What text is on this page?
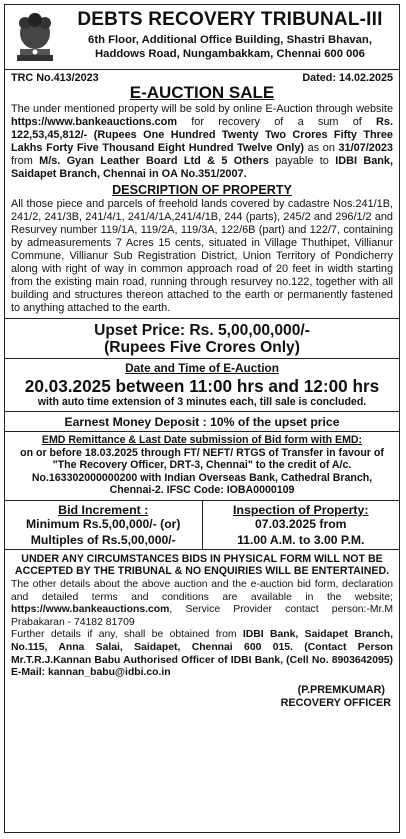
DEBTS RECOVERY TRIBUNAL-III
6th Floor, Additional Office Building, Shastri Bhavan,
Haddows Road, Nungambakkam, Chennai 600 006
TRC No.413/2023	Dated: 14.02.2025
E-AUCTION SALE
The under mentioned property will be sold by online E-Auction through website https://www.bankeauctions.com for recovery of a sum of Rs. 122,53,45,812/- (Rupees One Hundred Twenty Two Crores Fifty Three Lakhs Forty Five Thousand Eight Hundred Twelve Only) as on 31/07/2023 from M/s. Gyan Leather Board Ltd & 5 Others payable to IDBI Bank, Saidapet Branch, Chennai in OA No.351/2007.
DESCRIPTION OF PROPERTY
All those piece and parcels of freehold lands covered by cadastre Nos.241/1B, 241/2, 241/3B, 241/4/1, 241/4/1A,241/4/1B, 244 (parts), 245/2 and 296/1/2 and Resurvey number 119/1A, 119/2A, 119/3A, 122/6B (part) and 122/7, containing by admeasurements 7 Acres 15 cents, situated in Village Thuthipet, Villianur Commune, Villianur Sub Registration District, Union Territory of Pondicherry along with right of way in common approach road of 20 feet in width starting from the existing main road, running through resurvey no.122, together with all building and structures thereon attached to the earth or permanently fastened to anything attached to the earth.
Upset Price: Rs. 5,00,00,000/-
(Rupees Five Crores Only)
Date and Time of E-Auction
20.03.2025 between 11:00 hrs and 12:00 hrs
with auto time extension of 3 minutes each, till sale is concluded.
Earnest Money Deposit : 10% of the upset price
EMD Remittance & Last Date submission of Bid form with EMD:
on or before 18.03.2025 through FT/ NEFT/ RTGS of Transfer in favour of "The Recovery Officer, DRT-3, Chennai" to the credit of A/c. No.163302000000200 with Indian Overseas Bank, Cathedral Branch, Chennai-2. IFSC Code: IOBA0000109
Bid Increment :
Minimum Rs.5,00,000/- (or)
Multiples of Rs.5,00,000/-
Inspection of Property:
07.03.2025 from
11.00 A.M. to 3.00 P.M.
UNDER ANY CIRCUMSTANCES BIDS IN PHYSICAL FORM WILL NOT BE ACCEPTED BY THE TRIBUNAL & NO ENQUIRIES WILL BE ENTERTAINED.
The other details about the above auction and the e-auction bid form, declaration and detailed terms and conditions are available in the website; https://www.bankeauctions.com, Service Provider contact person:-Mr.M Prabakaran - 74182 81709
Further details if any, shall be obtained from IDBI Bank, Saidapet Branch, No.115, Anna Salai, Saidapet, Chennai 600 015. (Contact Person Mr.T.R.J.Kannan Babu Authorised Officer of IDBI Bank, (Cell No. 8903642095) E-Mail: kannan_babu@idbi.co.in
(P.PREMKUMAR)
RECOVERY OFFICER
